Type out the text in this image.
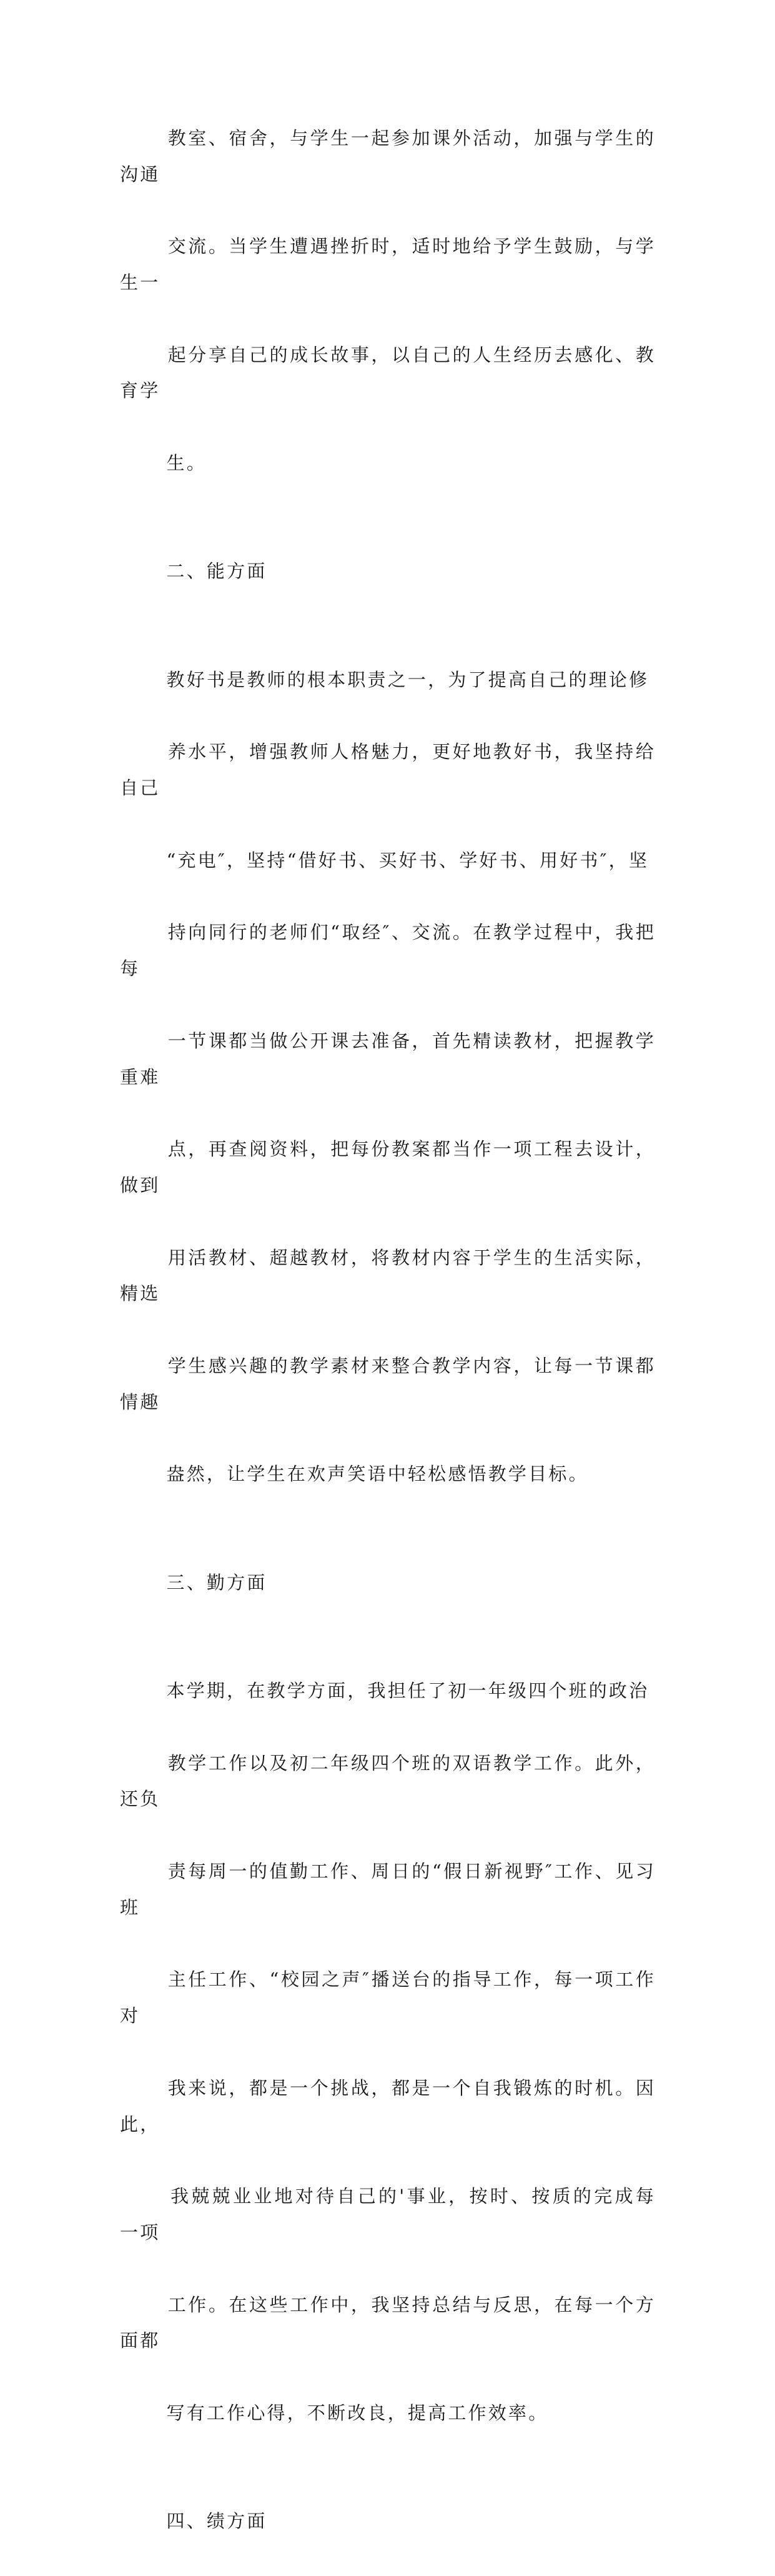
教室、宿舍，与学生一起参加课外活动，加强与学生的沟通

交流。当学生遭遇挫折时，适时地给予学生鼓励，与学生一

起分享自己的成长故事，以自己的人生经历去感化、教育学

生。

二、能方面

教好书是教师的根本职责之一，为了提高自己的理论修

养水平，增强教师人格魅力，更好地教好书，我坚持给自己

“充电″，坚持“借好书、买好书、学好书、用好书″，坚

持向同行的老师们“取经″、交流。在教学过程中，我把每

一节课都当做公开课去准备，首先精读教材，把握教学重难

点，再查阅资料，把每份教案都当作一项工程去设计，做到

用活教材、超越教材，将教材内容于学生的生活实际，精选

学生感兴趣的教学素材来整合教学内容，让每一节课都情趣

盎然，让学生在欢声笑语中轻松感悟教学目标。

三、勤方面

本学期，在教学方面，我担任了初一年级四个班的政治

教学工作以及初二年级四个班的双语教学工作。此外，还负

责每周一的值勤工作、周日的“假日新视野″工作、见习班

主任工作、“校园之声″播送台的指导工作，每一项工作对

我来说，都是一个挑战，都是一个自我锻炼的时机。因此，

我兢兢业业地对待自己的'事业，按时、按质的完成每一项

工作。在这些工作中，我坚持总结与反思，在每一个方面都

写有工作心得，不断改良，提高工作效率。

四、绩方面
